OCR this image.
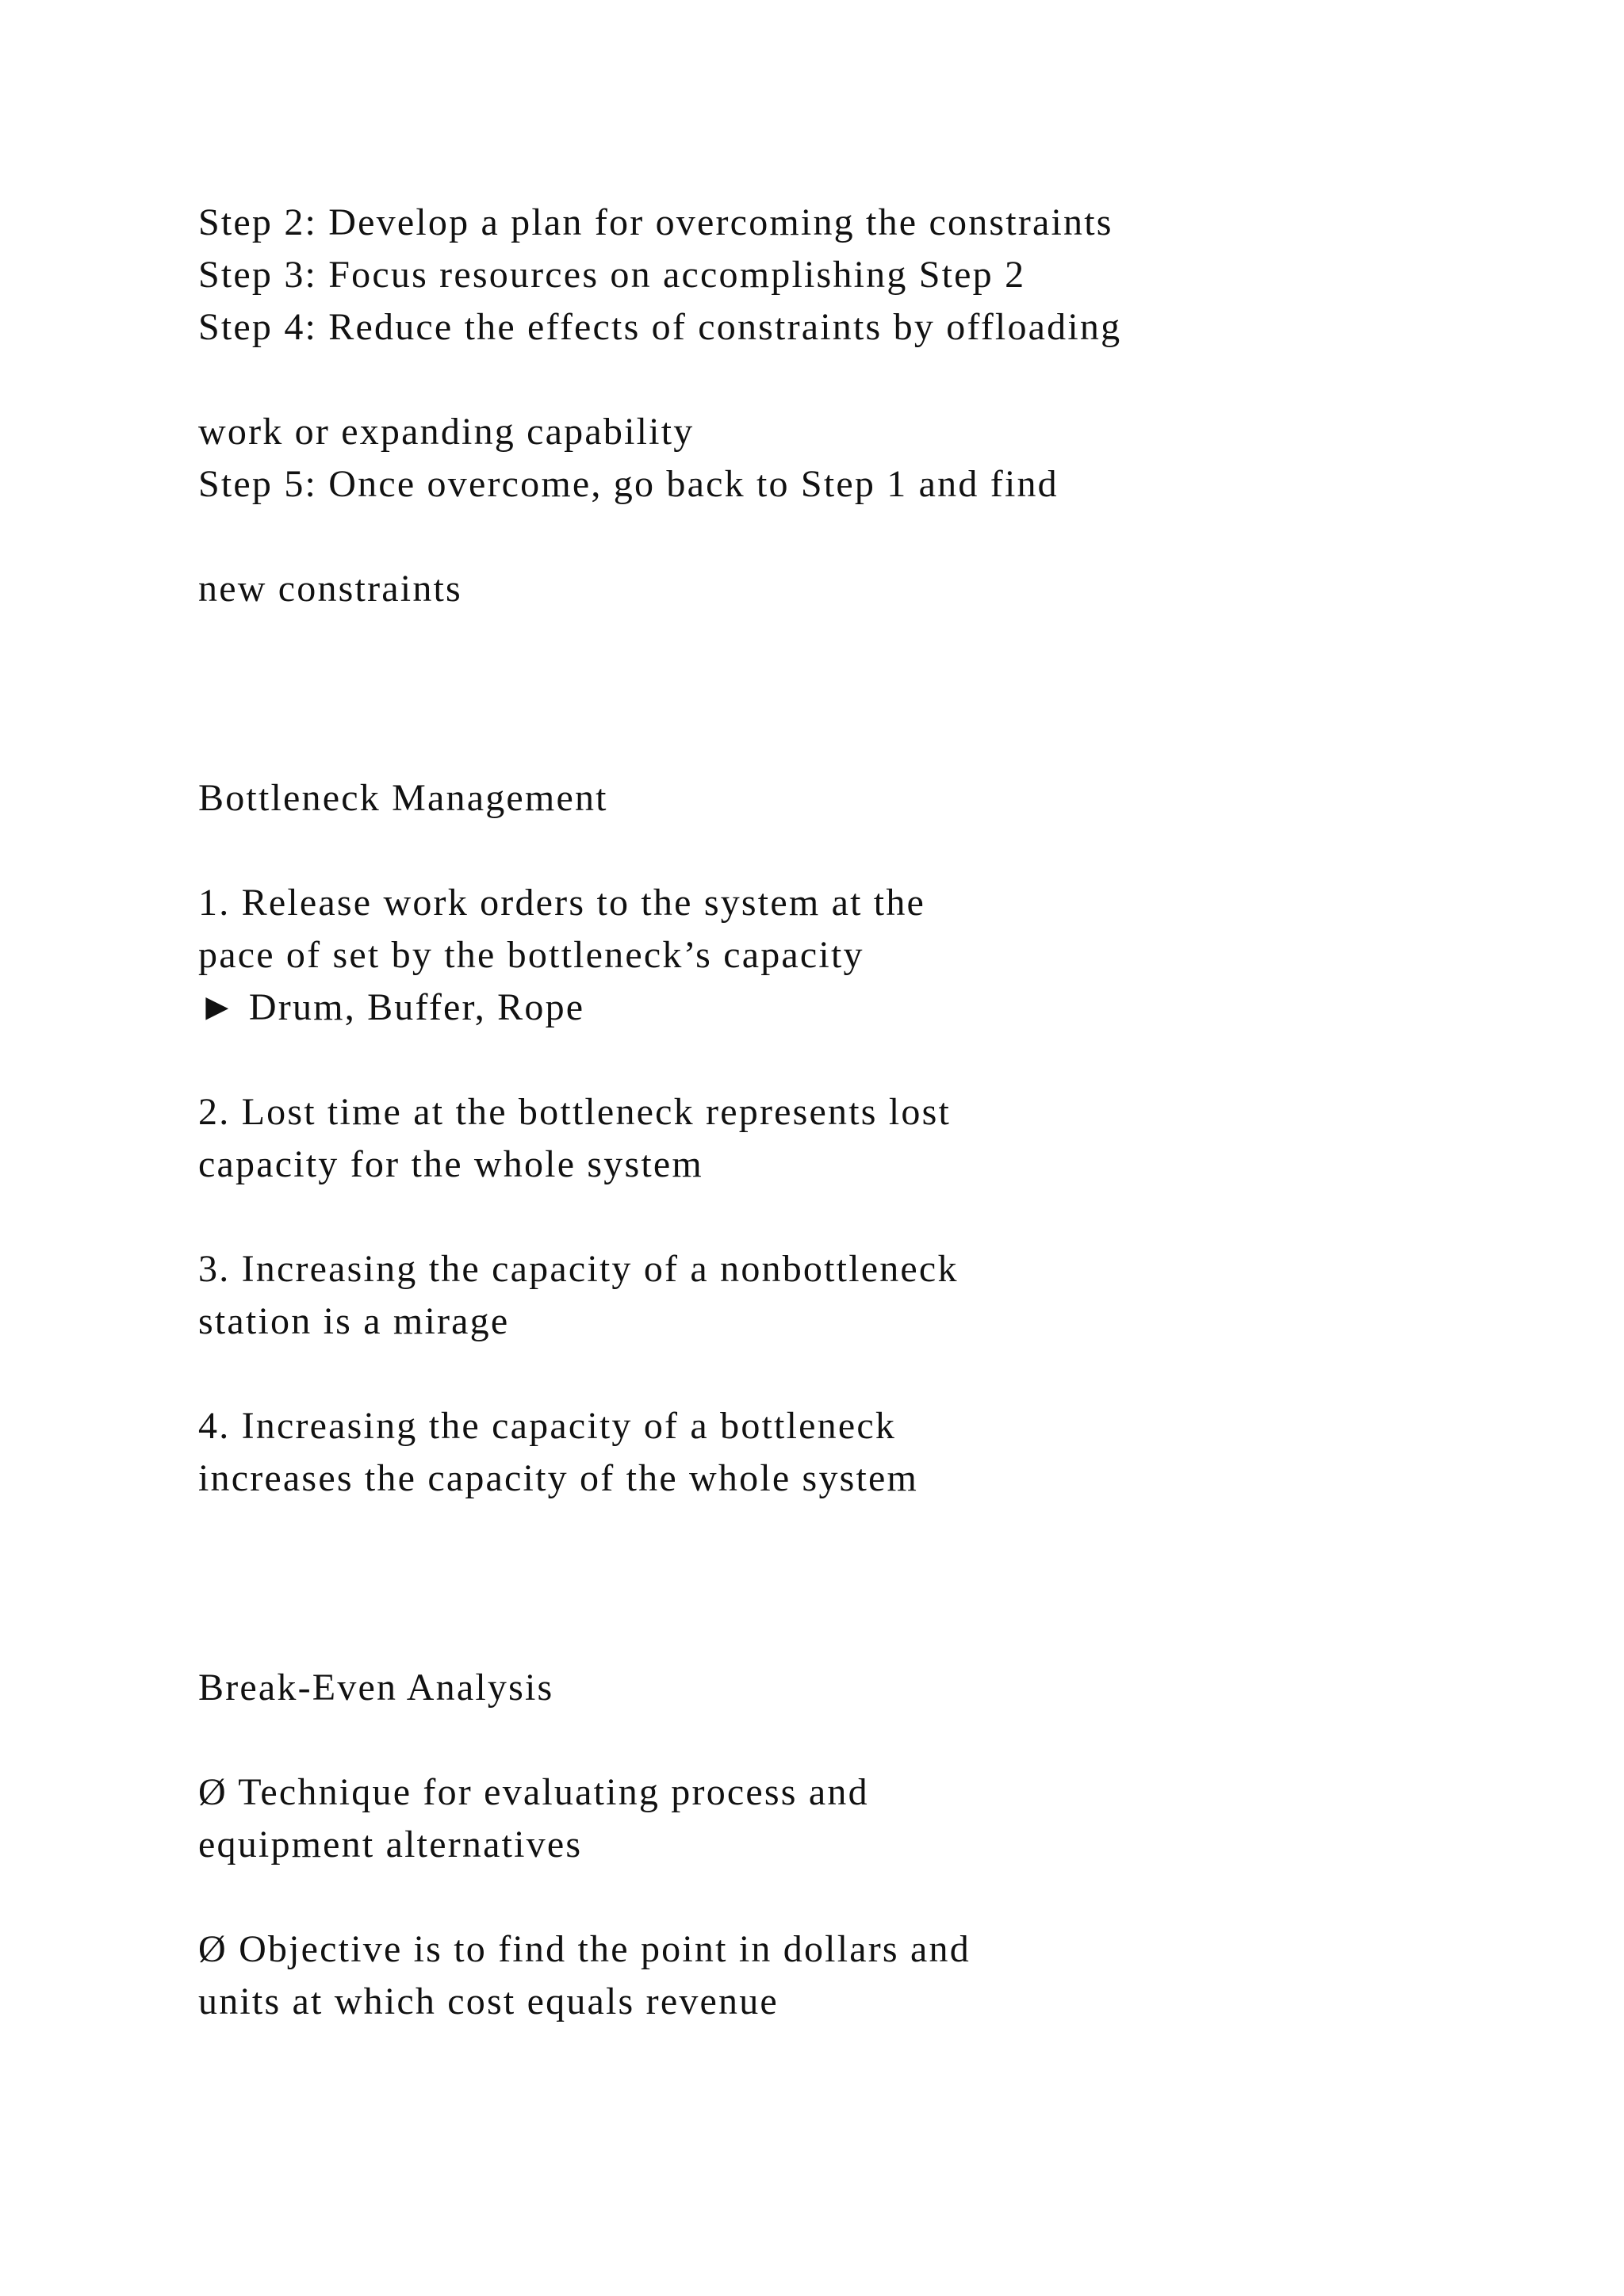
Step 2: Develop a plan for overcoming the constraints

Step 3: Focus resources on accomplishing Step 2

Step 4: Reduce the effects of constraints by offloading

work or expanding capability

Step 5: Once overcome, go back to Step 1 and find

new constraints

Bottleneck Management

1. Release work orders to the system at the

pace of set by the bottleneck’s capacity

► Drum, Buffer, Rope

2. Lost time at the bottleneck represents lost

capacity for the whole system

3. Increasing the capacity of a nonbottleneck

station is a mirage

4. Increasing the capacity of a bottleneck

increases the capacity of the whole system

Break-Even Analysis

Ø Technique for evaluating process and

equipment alternatives

Ø Objective is to find the point in dollars and

units at which cost equals revenue
